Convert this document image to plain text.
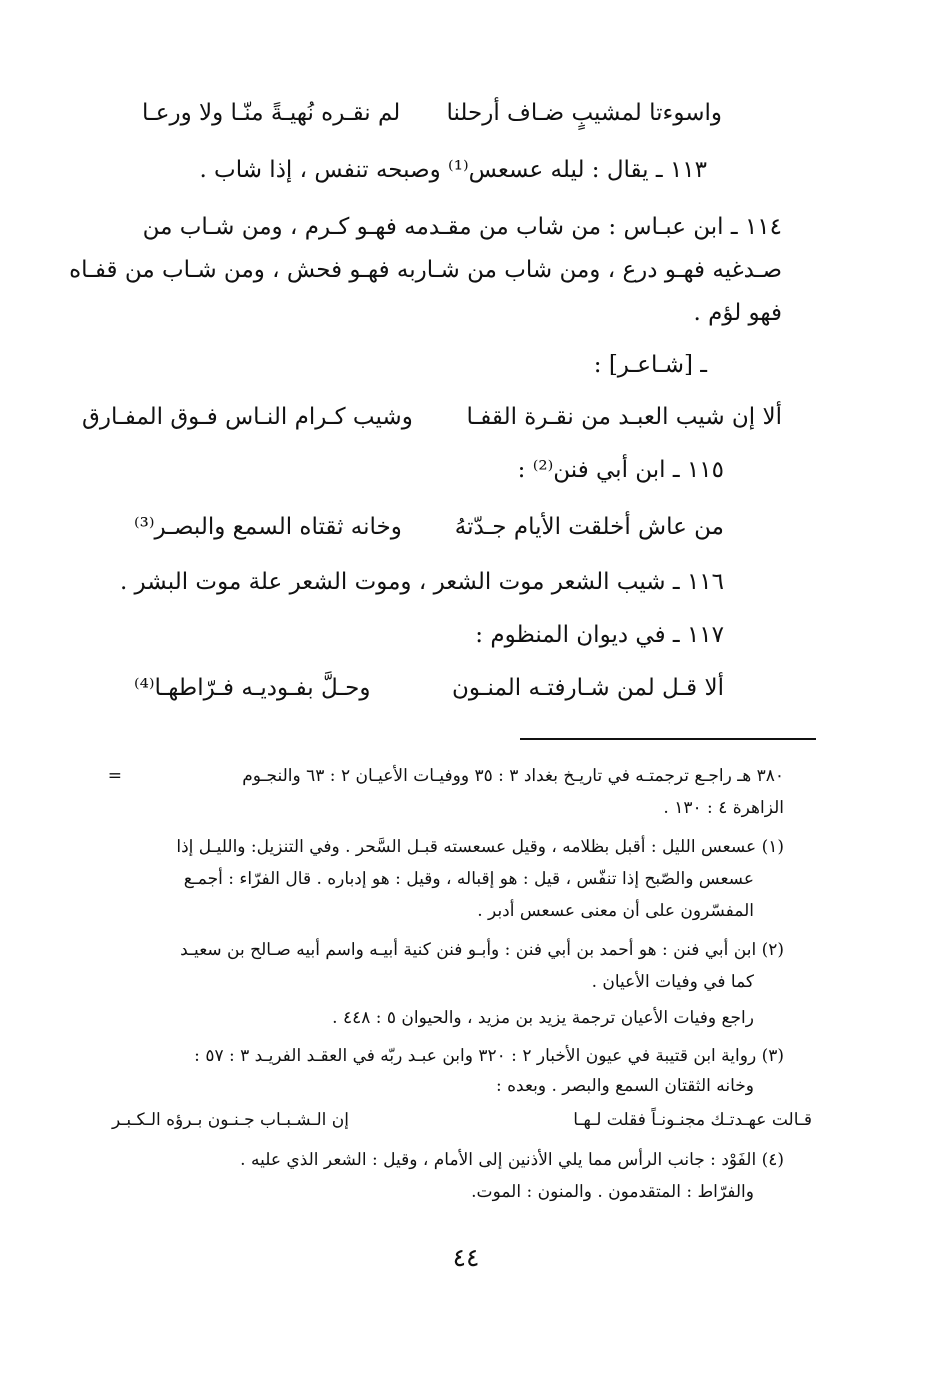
واسوءتا لمشيبٍ ضـاف أرحلنا
لم نقـره نُهيـةً منّـا ولا ورعـا
١١٣ ـ يقال : ليله عسعس⁽¹⁾ وصبحه تنفس ، إذا شاب .
١١٤ ـ ابن عبـاس : من شاب من مقـدمه فهـو كـرم ، ومن شـاب من
صـدغيه فهـو درع ، ومن شاب من شـاربه فهـو فحش ، ومن شـاب من قفـاه
فهو لؤم .
ـ [شـاعـر] :
ألا إن شيب العبـد من نقـرة القفـا
وشيب كـرام النـاس فـوق المفـارق
١١٥ ـ ابن أبي فنن⁽²⁾ :
من عاش أخلقت الأيام جـدّتهُ
وخانه ثقتاه السمع والبصـر⁽³⁾
١١٦ ـ شيب الشعر موت الشعر ، وموت الشعر علة موت البشر .
١١٧ ـ في ديوان المنظوم :
ألا قـل لمن شـارفتـه المنـون
وحـلَّ بفـوديـه فـرّاطهـا⁽⁴⁾
=	٣٨٠ هـ راجـع ترجمتـه في تاريـخ بغداد ٣ : ٣٥ ووفيـات الأعيـان ٢ : ٦٣ والنجـوم
الزاهرة ٤ : ١٣٠ .
(١) عسعس الليل : أقبل بظلامه ، وقيل عسعسته قبـل السَّحر . وفي التنزيل: والليـل إذا
عسعس والصّبح إذا تنفّس ، قيل : هو إقباله ، وقيل : هو إدباره . قال الفرّاء : أجمـع
المفسّرون على أن معنى عسعس أدبر .
(٢) ابن أبي فنن : هو أحمد بن أبي فنن : وأبـو فنن كنية أبيـه واسم أبيه صـالح بن سعيـد
كما في وفيات الأعيان .
راجع وفيات الأعيان ترجمة يزيد بن مزيد ، والحيوان ٥ : ٤٤٨ .
(٣) رواية ابن قتيبة في عيون الأخبار ٢ : ٣٢٠ وابن عبـد ربّه في العقـد الفريـد ٣ : ٥٧ :
وخانه الثقتان السمع والبصر . وبعده :
قـالت عهـدتـك مجنـونـاً فقلت لـهـا
إن الـشـبـاب جـنـون بـرؤه الـكـبـر
(٤) الفَوْد : جانب الرأس مما يلي الأذنين إلى الأمام ، وقيل : الشعر الذي عليه .
والفرّاط : المتقدمون . والمنون : الموت.
٤٤
